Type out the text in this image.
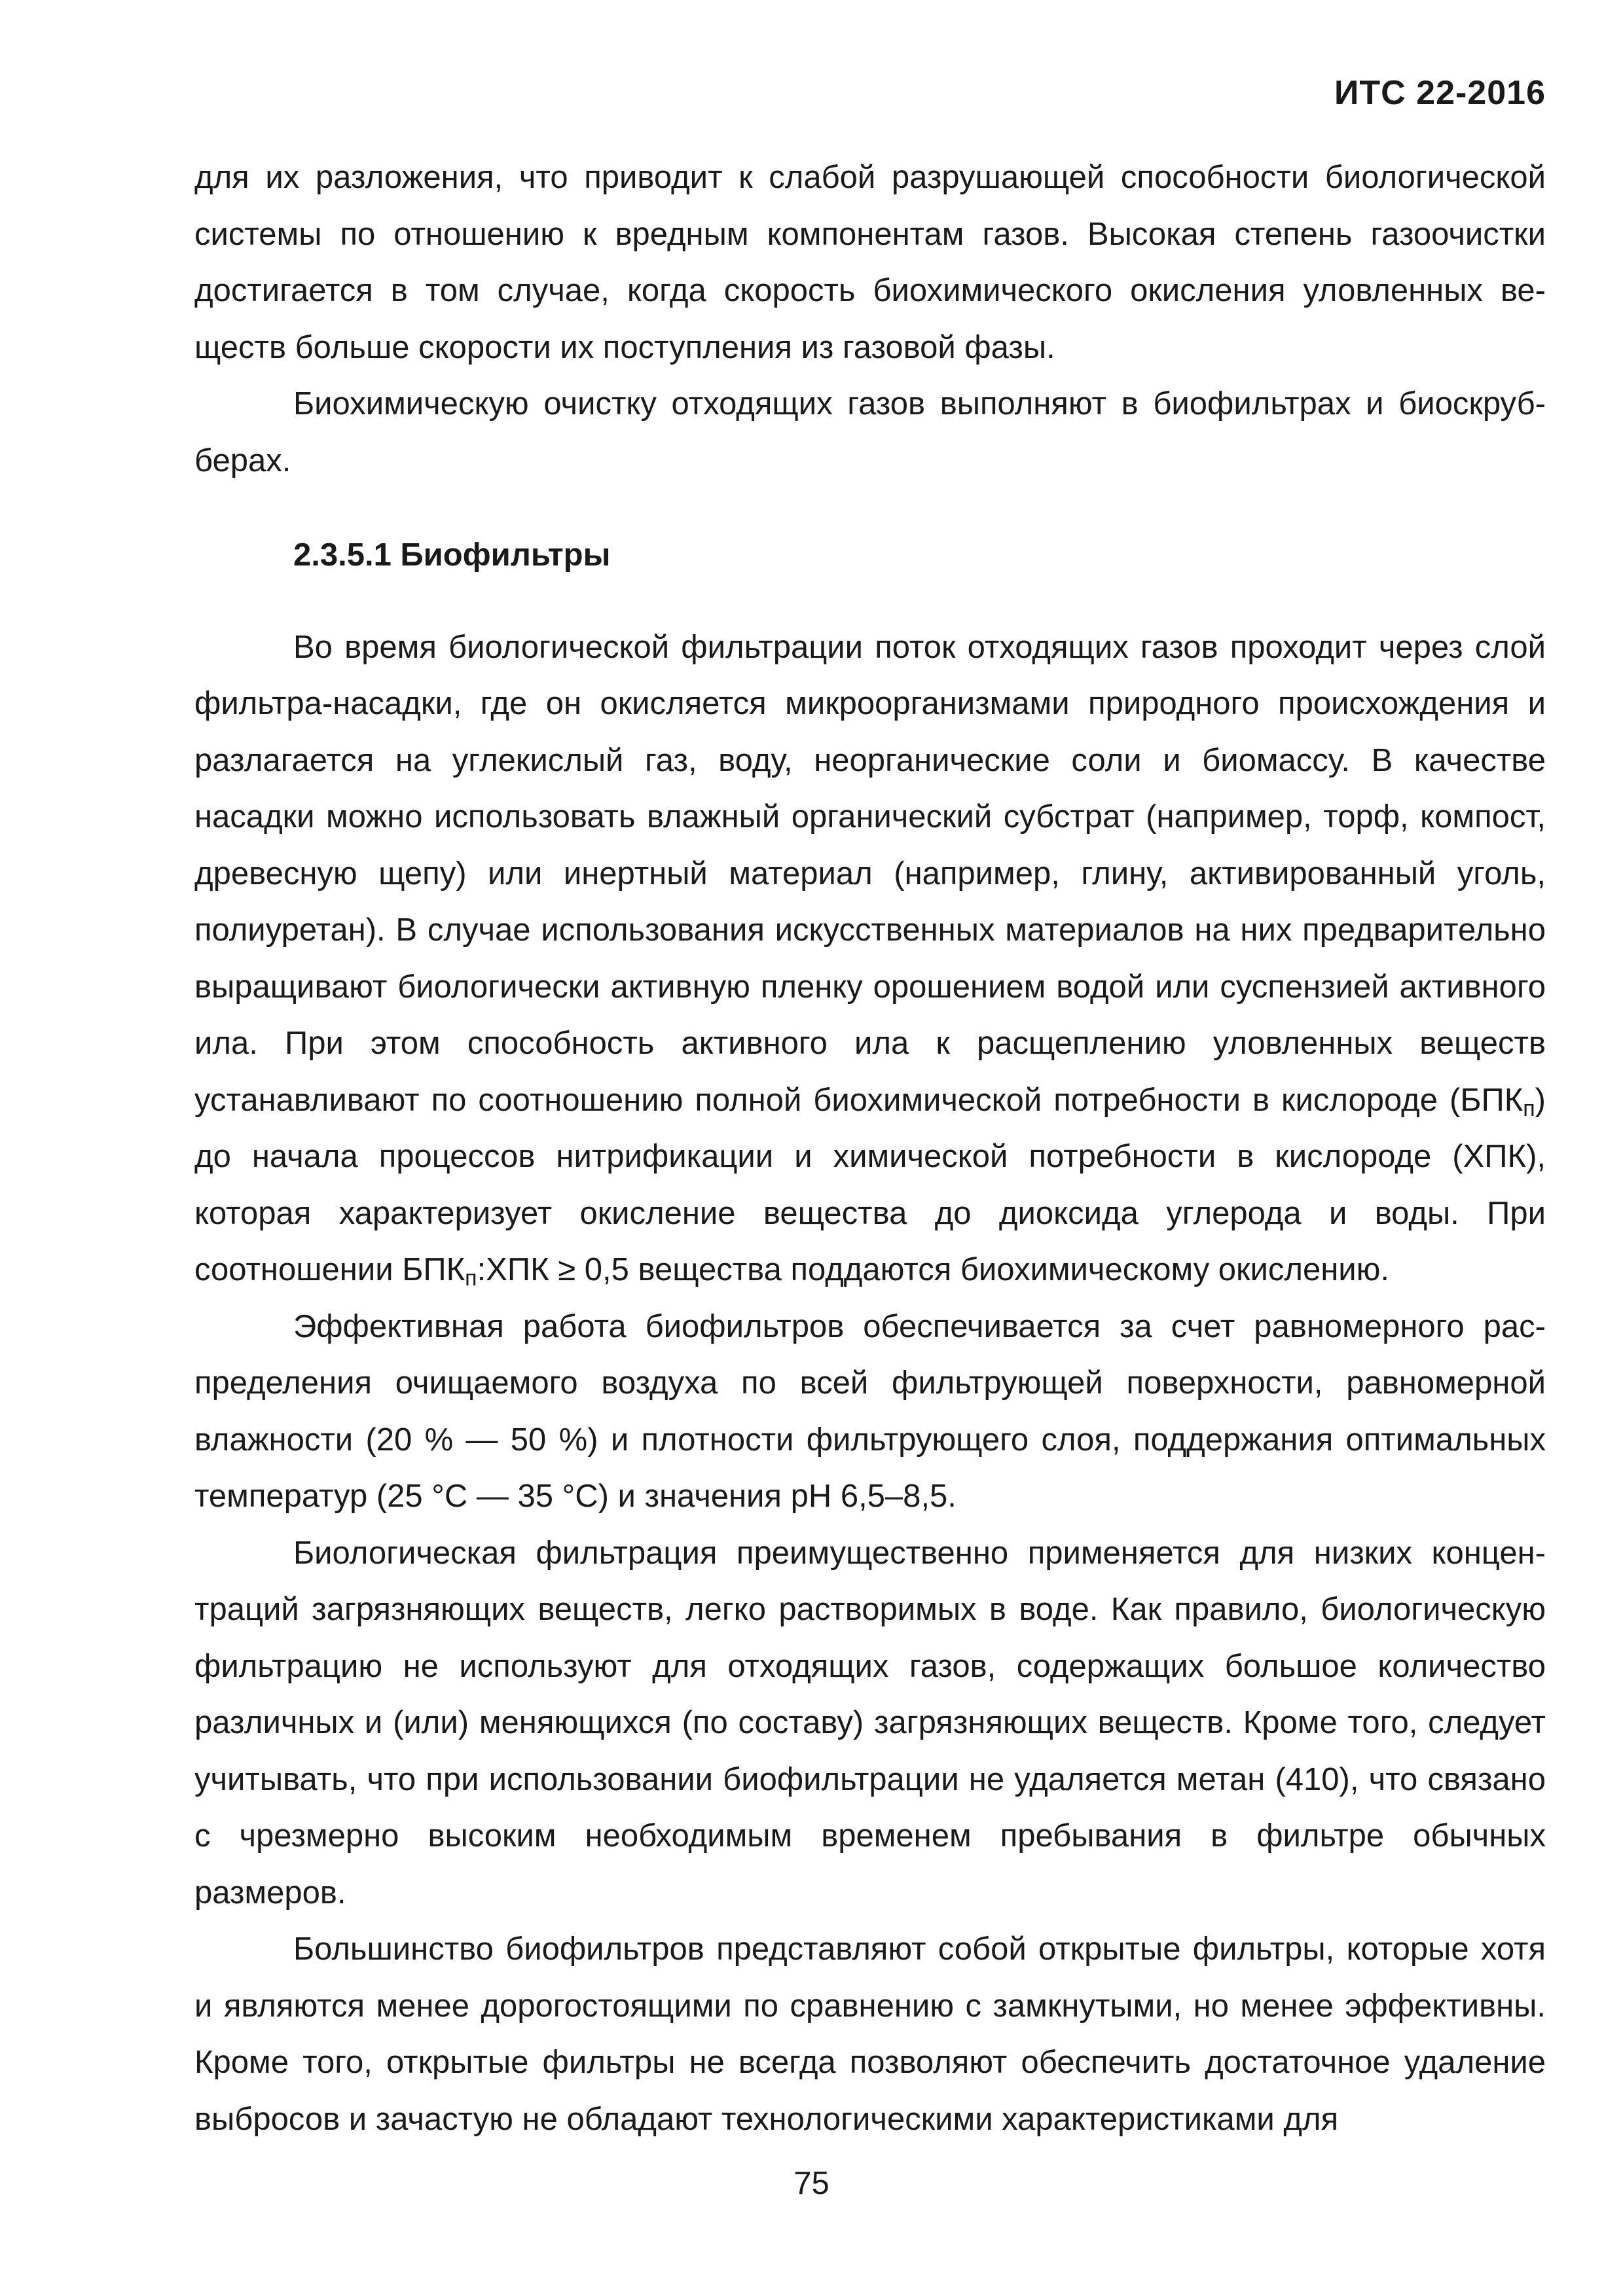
ИТС 22-2016

для их разложения, что приводит к слабой разрушающей способности биологической системы по отношению к вредным компонентам газов. Высокая степень газоочистки достигается в том случае, когда скорость биохимического окисления уловленных веществ больше скорости их поступления из газовой фазы.

Биохимическую очистку отходящих газов выполняют в биофильтрах и биоскрубберах.

2.3.5.1 Биофильтры

Во время биологической фильтрации поток отходящих газов проходит через слой фильтра-насадки, где он окисляется микроорганизмами природного происхождения и разлагается на углекислый газ, воду, неорганические соли и биомассу. В качестве насадки можно использовать влажный органический субстрат (например, торф, компост, древесную щепу) или инертный материал (например, глину, активированный уголь, полиуретан). В случае использования искусственных материалов на них предварительно выращивают биологически активную пленку орошением водой или суспензией активного ила. При этом способность активного ила к расщеплению уловленных веществ устанавливают по соотношению полной биохимической потребности в кислороде $(БПК_п)$ до начала процессов нитрификации и химической потребности в кислороде (ХПК), которая характеризует окисление вещества до диоксида углерода и воды. При соотношении $БПК_п:ХПК \ge 0,5$ вещества поддаются биохимическому окислению.

Эффективная работа биофильтров обеспечивается за счет равномерного распределения очищаемого воздуха по всей фильтрующей поверхности, равномерной влажности (20 % — 50 %) и плотности фильтрующего слоя, поддержания оптимальных температур (25 °C — 35 °C) и значения pH 6,5–8,5.

Биологическая фильтрация преимущественно применяется для низких концентраций загрязняющих веществ, легко растворимых в воде. Как правило, биологическую фильтрацию не используют для отходящих газов, содержащих большое количество различных и (или) меняющихся (по составу) загрязняющих веществ. Кроме того, следует учитывать, что при использовании биофильтрации не удаляется метан (410), что связано с чрезмерно высоким необходимым временем пребывания в фильтре обычных размеров.

Большинство биофильтров представляют собой открытые фильтры, которые хотя и являются менее дорогостоящими по сравнению с замкнутыми, но менее эффективны. Кроме того, открытые фильтры не всегда позволяют обеспечить достаточное удаление выбросов и зачастую не обладают технологическими характеристиками для

75
